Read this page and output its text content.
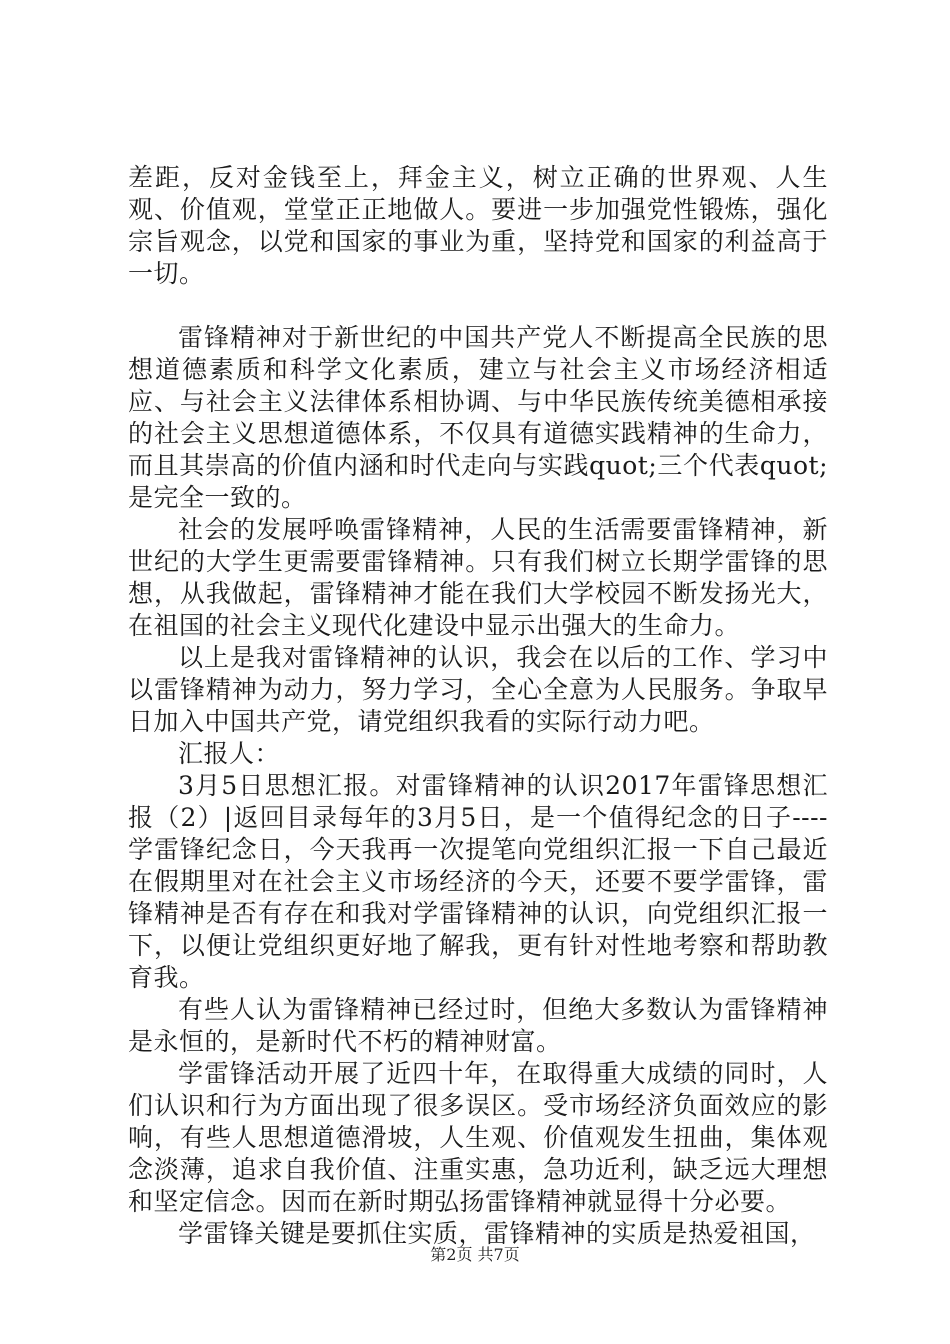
差距，反对金钱至上，拜金主义，树立正确的世界观、人生观、价值观，堂堂正正地做人。要进一步加强党性锻炼，强化宗旨观念，以党和国家的事业为重，坚持党和国家的利益高于一切。

雷锋精神对于新世纪的中国共产党人不断提高全民族的思想道德素质和科学文化素质，建立与社会主义市场经济相适应、与社会主义法律体系相协调、与中华民族传统美德相承接的社会主义思想道德体系，不仅具有道德实践精神的生命力，而且其崇高的价值内涵和时代走向与实践quot;三个代表quot;是完全一致的。

社会的发展呼唤雷锋精神，人民的生活需要雷锋精神，新世纪的大学生更需要雷锋精神。只有我们树立长期学雷锋的思想，从我做起，雷锋精神才能在我们大学校园不断发扬光大，在祖国的社会主义现代化建设中显示出强大的生命力。

以上是我对雷锋精神的认识，我会在以后的工作、学习中以雷锋精神为动力，努力学习，全心全意为人民服务。争取早日加入中国共产党，请党组织我看的实际行动力吧。

汇报人：

3月5日思想汇报。对雷锋精神的认识2017年雷锋思想汇报（2）|返回目录每年的3月5日，是一个值得纪念的日子----学雷锋纪念日，今天我再一次提笔向党组织汇报一下自己最近在假期里对在社会主义市场经济的今天，还要不要学雷锋，雷锋精神是否有存在和我对学雷锋精神的认识，向党组织汇报一下，以便让党组织更好地了解我，更有针对性地考察和帮助教育我。

有些人认为雷锋精神已经过时，但绝大多数认为雷锋精神是永恒的，是新时代不朽的精神财富。

学雷锋活动开展了近四十年，在取得重大成绩的同时，人们认识和行为方面出现了很多误区。受市场经济负面效应的影响，有些人思想道德滑坡，人生观、价值观发生扭曲，集体观念淡薄，追求自我价值、注重实惠，急功近利，缺乏远大理想和坚定信念。因而在新时期弘扬雷锋精神就显得十分必要。

学雷锋关键是要抓住实质，雷锋精神的实质是热爱祖国，

第2页 共7页
